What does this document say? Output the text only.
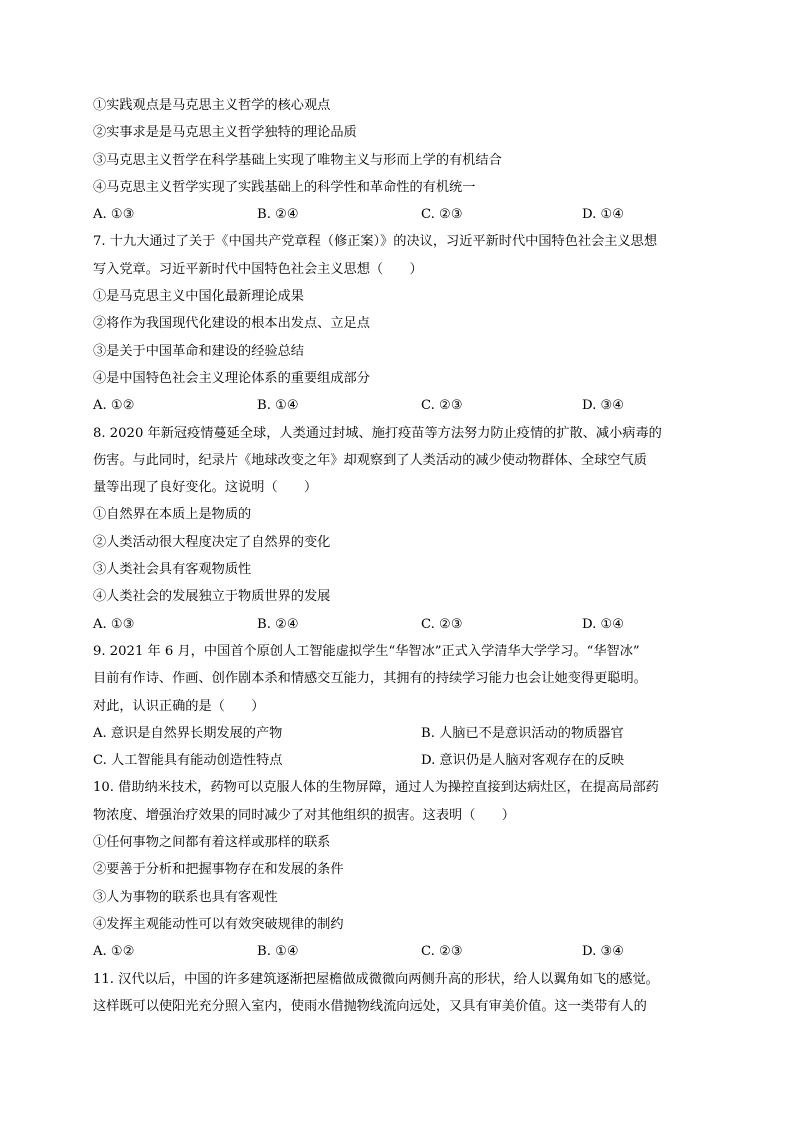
①实践观点是马克思主义哲学的核心观点
②实事求是是马克思主义哲学独特的理论品质
③马克思主义哲学在科学基础上实现了唯物主义与形而上学的有机结合
④马克思主义哲学实现了实践基础上的科学性和革命性的有机统一
A. ①③	B. ②④	C. ②③	D. ①④
7. 十九大通过了关于《中国共产党章程（修正案）》的决议，习近平新时代中国特色社会主义思想
写入党章。习近平新时代中国特色社会主义思想（　　）
①是马克思主义中国化最新理论成果
②将作为我国现代化建设的根本出发点、立足点
③是关于中国革命和建设的经验总结
④是中国特色社会主义理论体系的重要组成部分
A. ①②	B. ①④	C. ②③	D. ③④
8. 2020 年新冠疫情蔓延全球，人类通过封城、施打疫苗等方法努力防止疫情的扩散、减小病毒的
伤害。与此同时，纪录片《地球改变之年》却观察到了人类活动的减少使动物群体、全球空气质
量等出现了良好变化。这说明（　　）
①自然界在本质上是物质的
②人类活动很大程度决定了自然界的变化
③人类社会具有客观物质性
④人类社会的发展独立于物质世界的发展
A. ①③	B. ②④	C. ②③	D. ①④
9. 2021 年 6 月，中国首个原创人工智能虚拟学生“华智冰”正式入学清华大学学习。“华智冰”
目前有作诗、作画、创作剧本杀和情感交互能力，其拥有的持续学习能力也会让她变得更聪明。
对此，认识正确的是（　　）
A. 意识是自然界长期发展的产物	B. 人脑已不是意识活动的物质器官
C. 人工智能具有能动创造性特点	D. 意识仍是人脑对客观存在的反映
10. 借助纳米技术，药物可以克服人体的生物屏障，通过人为操控直接到达病灶区，在提高局部药
物浓度、增强治疗效果的同时减少了对其他组织的损害。这表明（　　）
①任何事物之间都有着这样或那样的联系
②要善于分析和把握事物存在和发展的条件
③人为事物的联系也具有客观性
④发挥主观能动性可以有效突破规律的制约
A. ①②	B. ①④	C. ②③	D. ③④
11. 汉代以后，中国的许多建筑逐渐把屋檐做成微微向两侧升高的形状，给人以翼角如飞的感觉。
这样既可以使阳光充分照入室内，使雨水借抛物线流向远处，又具有审美价值。这一类带有人的
